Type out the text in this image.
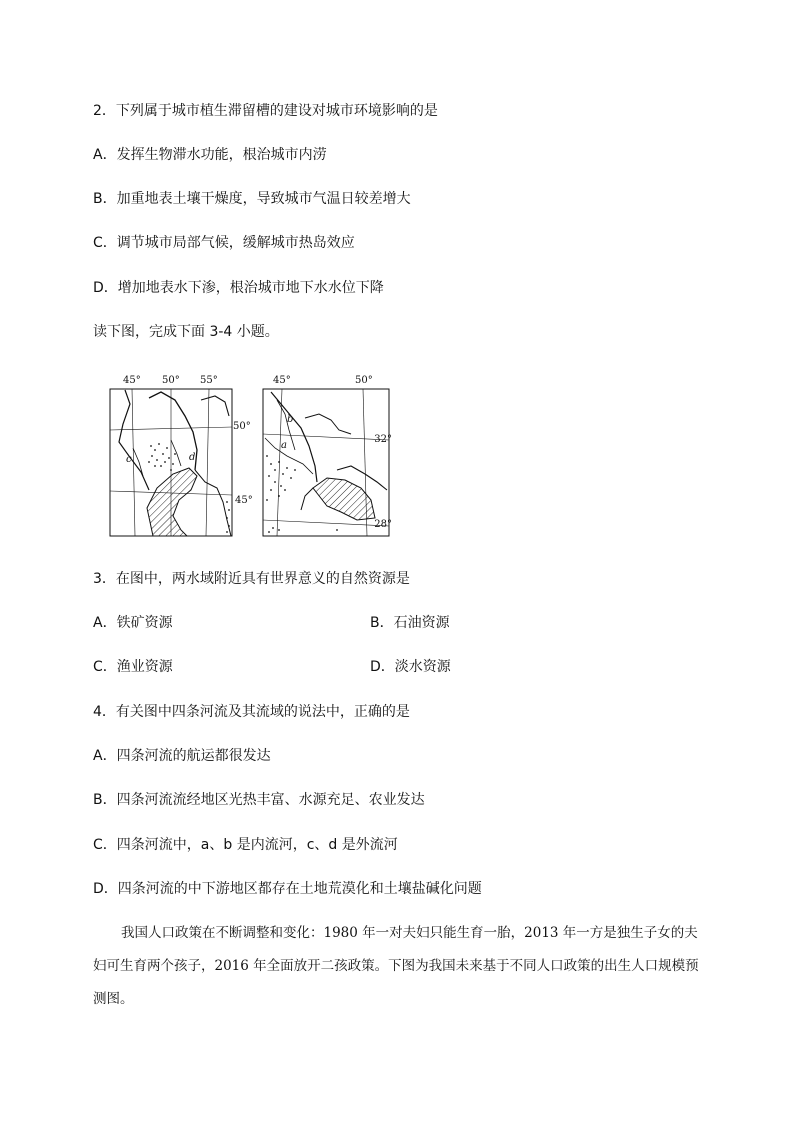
2．下列属于城市植生滞留槽的建设对城市环境影响的是
A．发挥生物滞水功能，根治城市内涝
B．加重地表土壤干燥度，导致城市气温日较差增大
C．调节城市局部气候，缓解城市热岛效应
D．增加地表水下渗，根治城市地下水水位下降
读下图，完成下面 3-4 小题。
45° 50° 55°
50°
45°
c	d
45°	50°
32°
28°
b
a
3．在图中，两水域附近具有世界意义的自然资源是
A．铁矿资源	B．石油资源
C．渔业资源	D．淡水资源
4．有关图中四条河流及其流域的说法中，正确的是
A．四条河流的航运都很发达
B．四条河流流经地区光热丰富、水源充足、农业发达
C．四条河流中，a、b 是内流河，c、d 是外流河
D．四条河流的中下游地区都存在土地荒漠化和土壤盐碱化问题
我国人口政策在不断调整和变化：1980 年一对夫妇只能生育一胎，2013 年一方是独生子女的夫妇可生育两个孩子，2016 年全面放开二孩政策。下图为我国未来基于不同人口政策的出生人口规模预测图。
